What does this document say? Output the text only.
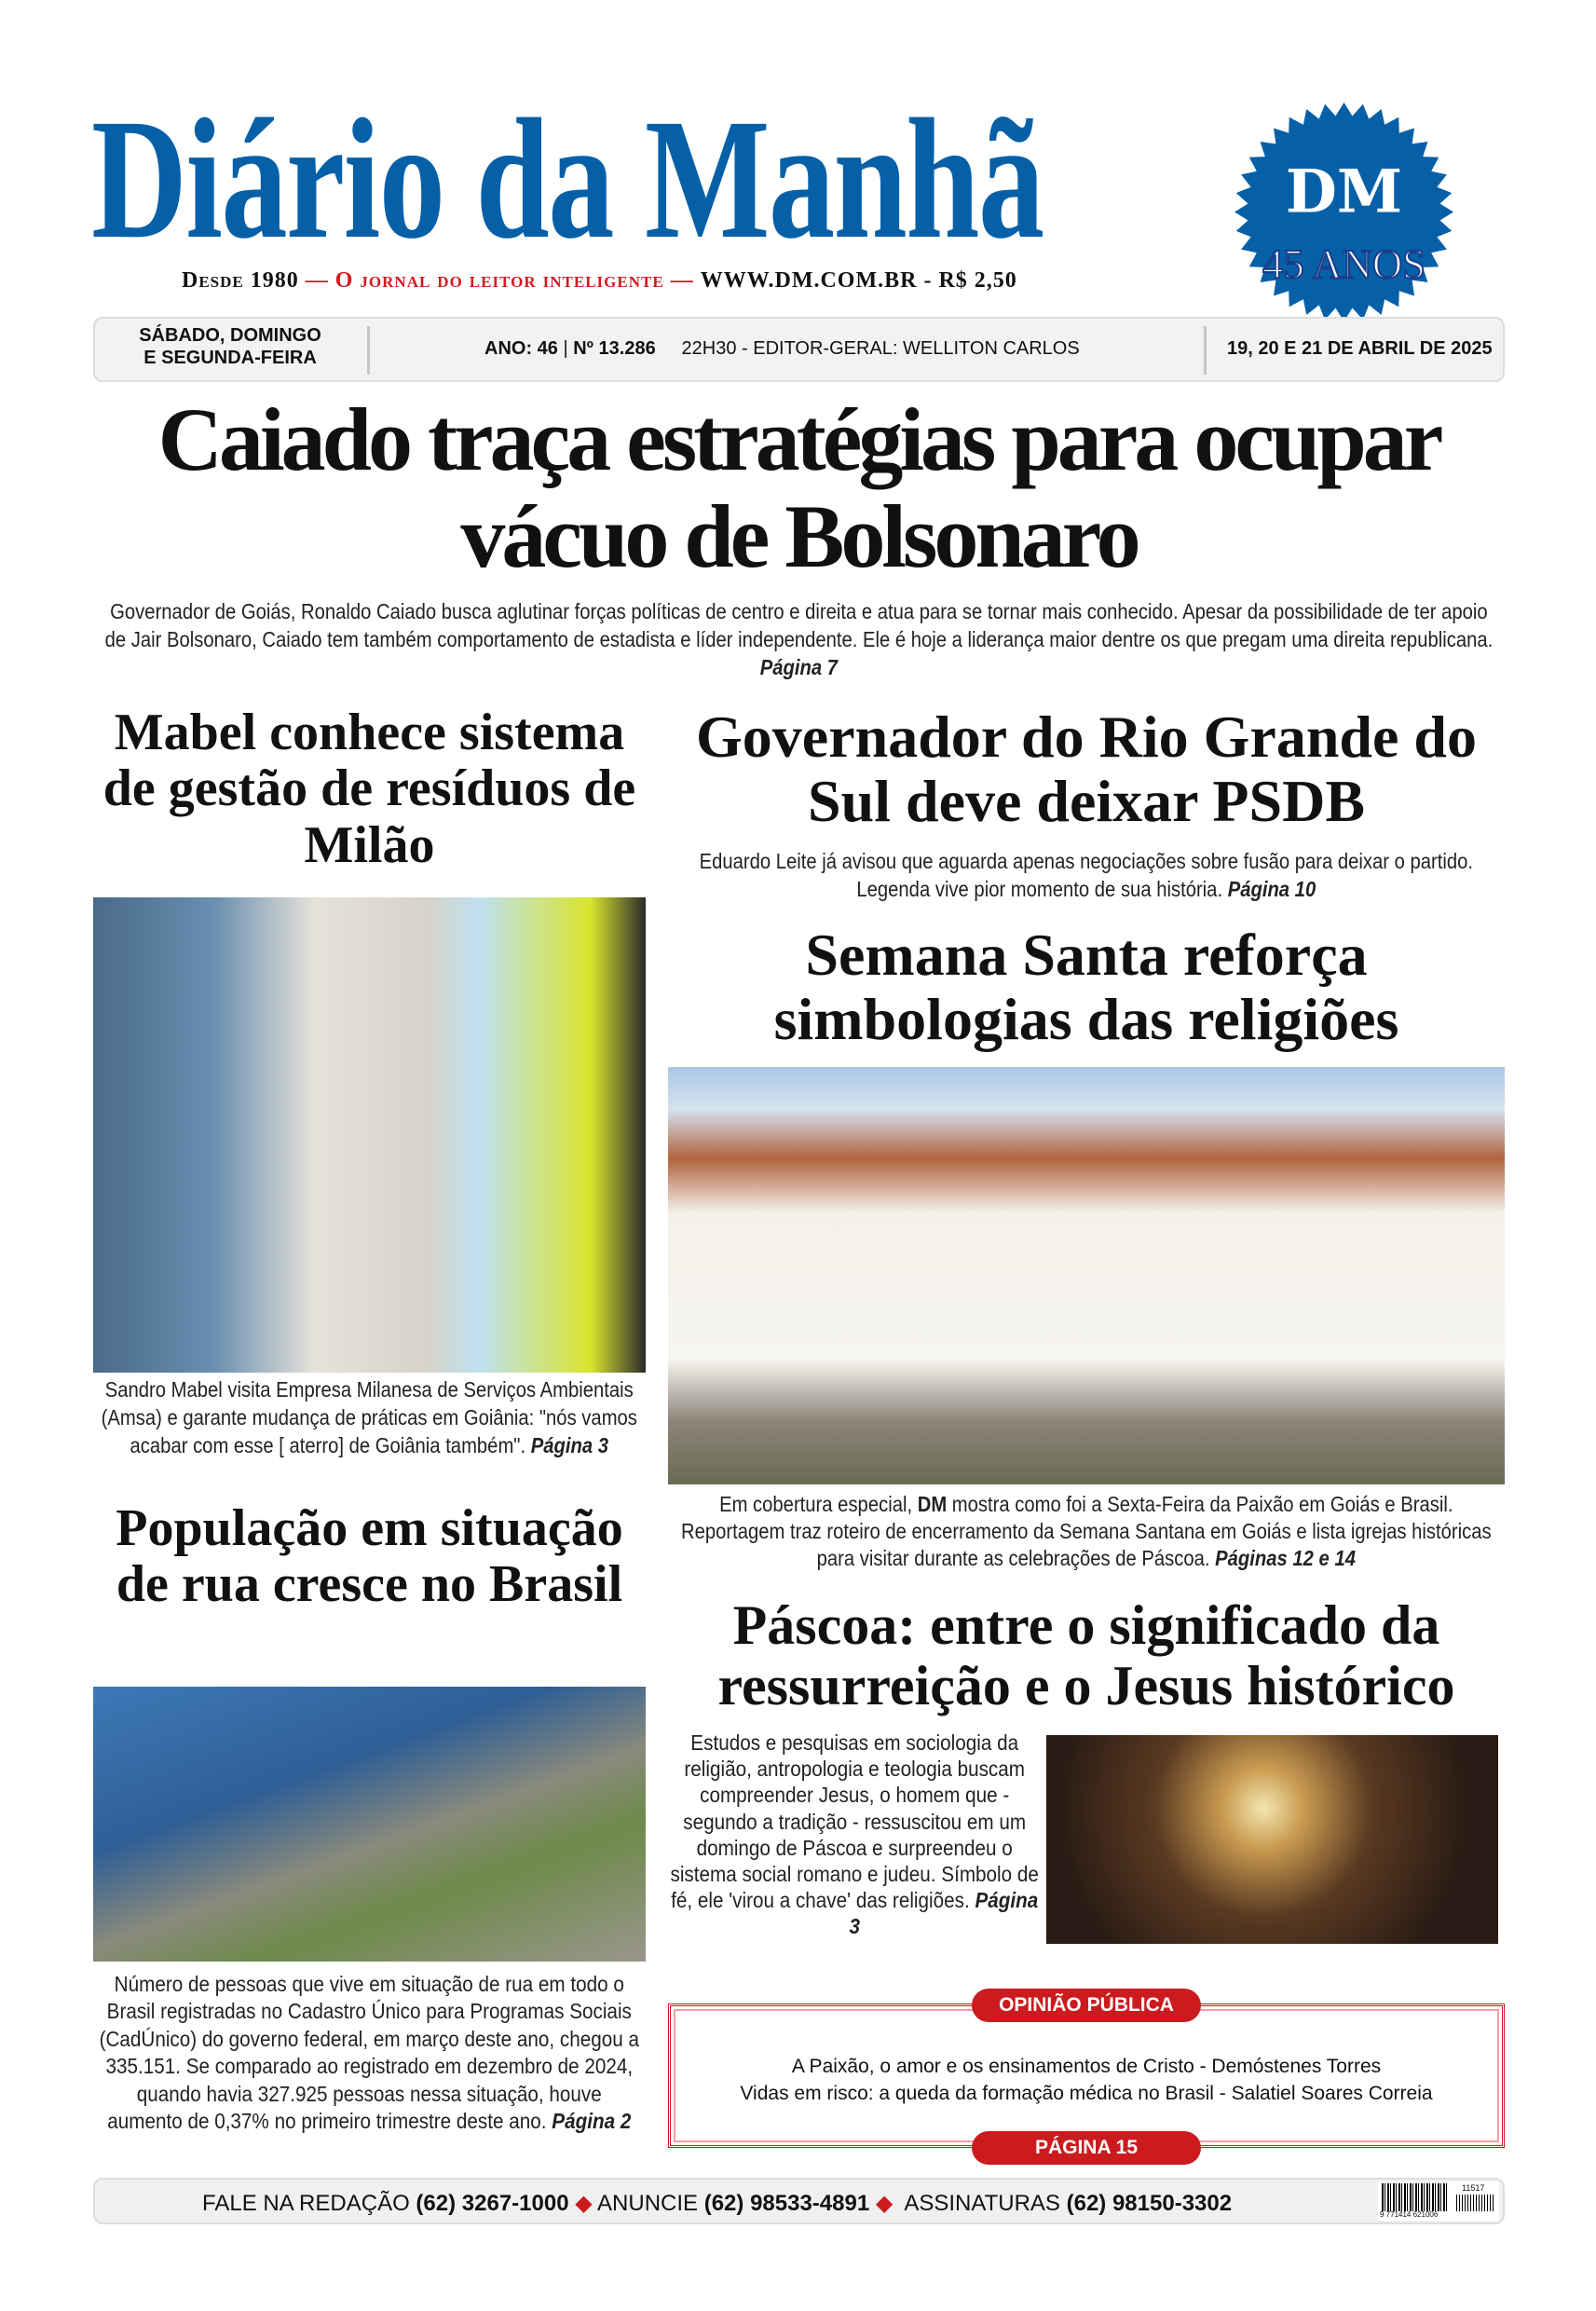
Diário da Manhã	DM
45 ANOS
Desde 1980 — O jornal do leitor inteligente — WWW.DM.COM.BR - R$ 2,50
SÁBADO, DOMINGO
E SEGUNDA-FEIRA	ANO: 46 | Nº 13.286 22H30 - EDITOR-GERAL: WELLITON CARLOS	19, 20 E 21 DE ABRIL DE 2025
Caiado traça estratégias para ocupar vácuo de Bolsonaro
Governador de Goiás, Ronaldo Caiado busca aglutinar forças políticas de centro e direita e atua para se tornar mais conhecido. Apesar da possibilidade de ter apoio de Jair Bolsonaro, Caiado tem também comportamento de estadista e líder independente. Ele é hoje a liderança maior dentre os que pregam uma direita republicana. Página 7
Mabel conhece sistema de gestão de resíduos de Milão
Sandro Mabel visita Empresa Milanesa de Serviços Ambientais (Amsa) e garante mudança de práticas em Goiânia: "nós vamos acabar com esse [ aterro] de Goiânia também". Página 3
População em situação de rua cresce no Brasil
Número de pessoas que vive em situação de rua em todo o Brasil registradas no Cadastro Único para Programas Sociais (CadÚnico) do governo federal, em março deste ano, chegou a 335.151. Se comparado ao registrado em dezembro de 2024, quando havia 327.925 pessoas nessa situação, houve aumento de 0,37% no primeiro trimestre deste ano. Página 2
Governador do Rio Grande do Sul deve deixar PSDB
Eduardo Leite já avisou que aguarda apenas negociações sobre fusão para deixar o partido. Legenda vive pior momento de sua história. Página 10
Semana Santa reforça simbologias das religiões
Em cobertura especial, DM mostra como foi a Sexta-Feira da Paixão em Goiás e Brasil. Reportagem traz roteiro de encerramento da Semana Santana em Goiás e lista igrejas históricas para visitar durante as celebrações de Páscoa. Páginas 12 e 14
Páscoa: entre o significado da ressurreição e o Jesus histórico
Estudos e pesquisas em sociologia da religião, antropologia e teologia buscam compreender Jesus, o homem que - segundo a tradição - ressuscitou em um domingo de Páscoa e surpreendeu o sistema social romano e judeu. Símbolo de fé, ele 'virou a chave' das religiões. Página 3
A Paixão, o amor e os ensinamentos de Cristo - Demóstenes Torres
Vidas em risco: a queda da formação médica no Brasil - Salatiel Soares Correia
OPINIÃO PÚBLICA
PÁGINA 15
FALE NA REDAÇÃO (62) 3267-1000 ◆ ANUNCIE (62) 98533-4891 ◆ ASSINATURAS (62) 98150-3302	9 771414 621006
11517
